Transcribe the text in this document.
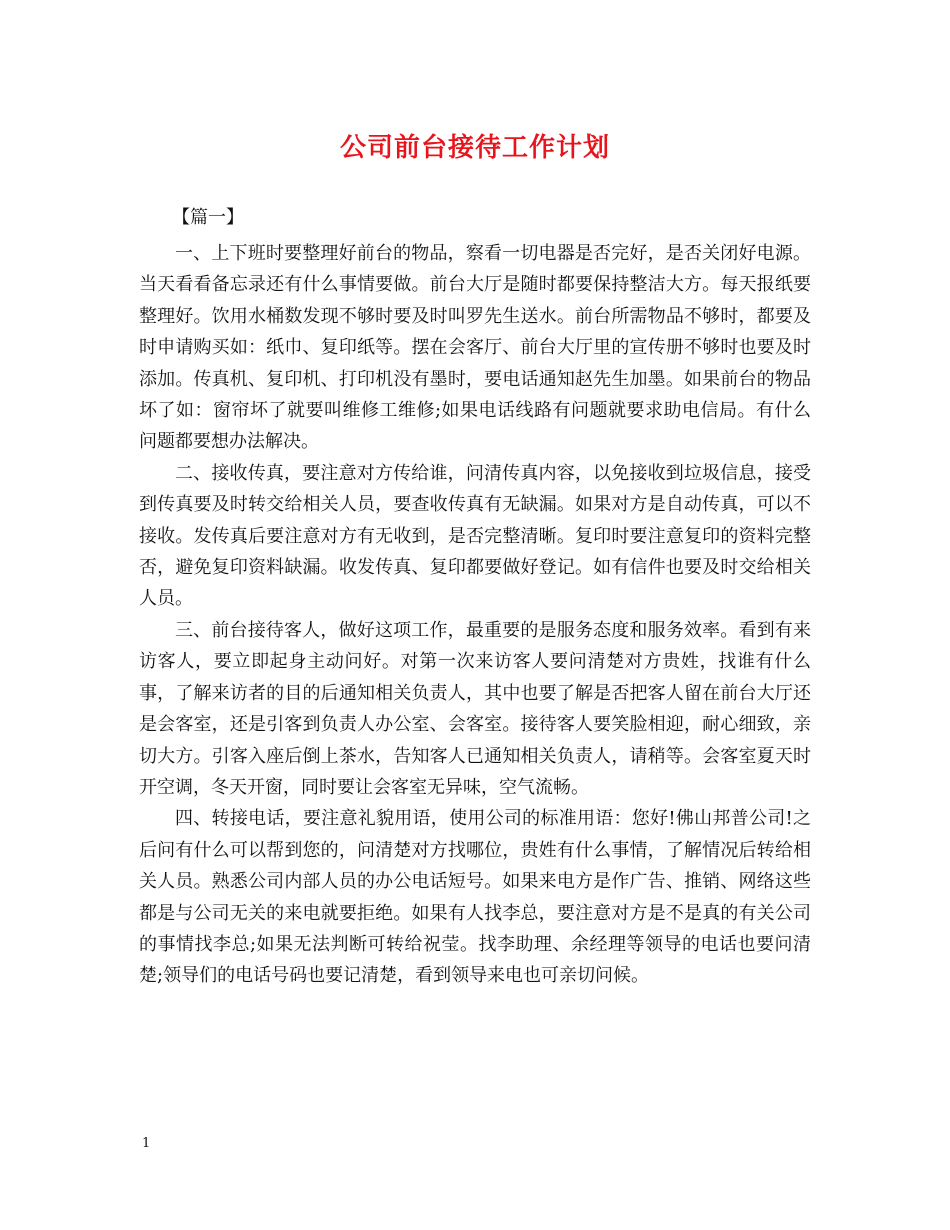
公司前台接待工作计划
【篇一】

一、上下班时要整理好前台的物品，察看一切电器是否完好，是否关闭好电源。当天看看备忘录还有什么事情要做。前台大厅是随时都要保持整洁大方。每天报纸要整理好。饮用水桶数发现不够时要及时叫罗先生送水。前台所需物品不够时，都要及时申请购买如：纸巾、复印纸等。摆在会客厅、前台大厅里的宣传册不够时也要及时添加。传真机、复印机、打印机没有墨时，要电话通知赵先生加墨。如果前台的物品坏了如：窗帘坏了就要叫维修工维修;如果电话线路有问题就要求助电信局。有什么问题都要想办法解决。

二、接收传真，要注意对方传给谁，问清传真内容，以免接收到垃圾信息，接受到传真要及时转交给相关人员，要查收传真有无缺漏。如果对方是自动传真，可以不接收。发传真后要注意对方有无收到，是否完整清晰。复印时要注意复印的资料完整否，避免复印资料缺漏。收发传真、复印都要做好登记。如有信件也要及时交给相关人员。

三、前台接待客人，做好这项工作，最重要的是服务态度和服务效率。看到有来访客人，要立即起身主动问好。对第一次来访客人要问清楚对方贵姓，找谁有什么事，了解来访者的目的后通知相关负责人，其中也要了解是否把客人留在前台大厅还是会客室，还是引客到负责人办公室、会客室。接待客人要笑脸相迎，耐心细致，亲切大方。引客入座后倒上茶水，告知客人已通知相关负责人，请稍等。会客室夏天时开空调，冬天开窗，同时要让会客室无异味，空气流畅。

四、转接电话，要注意礼貌用语，使用公司的标准用语：您好!佛山邦普公司!之后问有什么可以帮到您的，问清楚对方找哪位，贵姓有什么事情，了解情况后转给相关人员。熟悉公司内部人员的办公电话短号。如果来电方是作广告、推销、网络这些都是与公司无关的来电就要拒绝。如果有人找李总，要注意对方是不是真的有关公司的事情找李总;如果无法判断可转给祝莹。找李助理、余经理等领导的电话也要问清楚;领导们的电话号码也要记清楚，看到领导来电也可亲切问候。

1
